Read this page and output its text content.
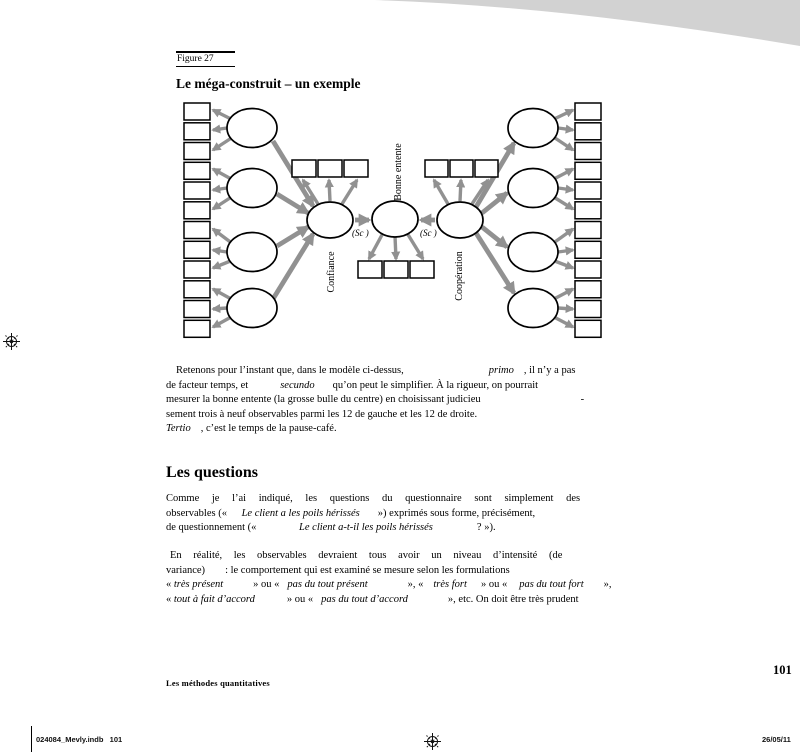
Figure 27
Le méga-construit – un exemple
(Sc )	(Sc )
Confiance
Bonne entente
Coopération
Retenons pour l’instant que, dans le modèle ci-dessus,	primo , il n’y a pas
de facteur temps, et	secundo qu’on peut le simplifier. À la rigueur, on pourrait
mesurer la bonne entente (la grosse bulle du centre) en choisissant judicieu	-
sement trois à neuf observables parmi les 12 de gauche et les 12 de droite.
Tertio , c’est le temps de la pause-café.
Les questions
Comme je l’ai indiqué, les questions du questionnaire sont simplement des
observables (« Le client a les poils hérissés ») exprimés sous forme, précisément,
de questionnement («	Le client a-t-il les poils hérissés	? »).
En réalité, les observables devraient tous avoir un niveau d’intensité (de
variance) : le comportement qui est examiné se mesure selon les formulations
« très présent	» ou « pas du tout présent	», « très fort » ou « pas du tout fort »,
« tout à fait d’accord	» ou « pas du tout d’accord	», etc. On doit être très prudent
101
Les méthodes quantitatives
024084_Mevly.indb   101	26/05/11
